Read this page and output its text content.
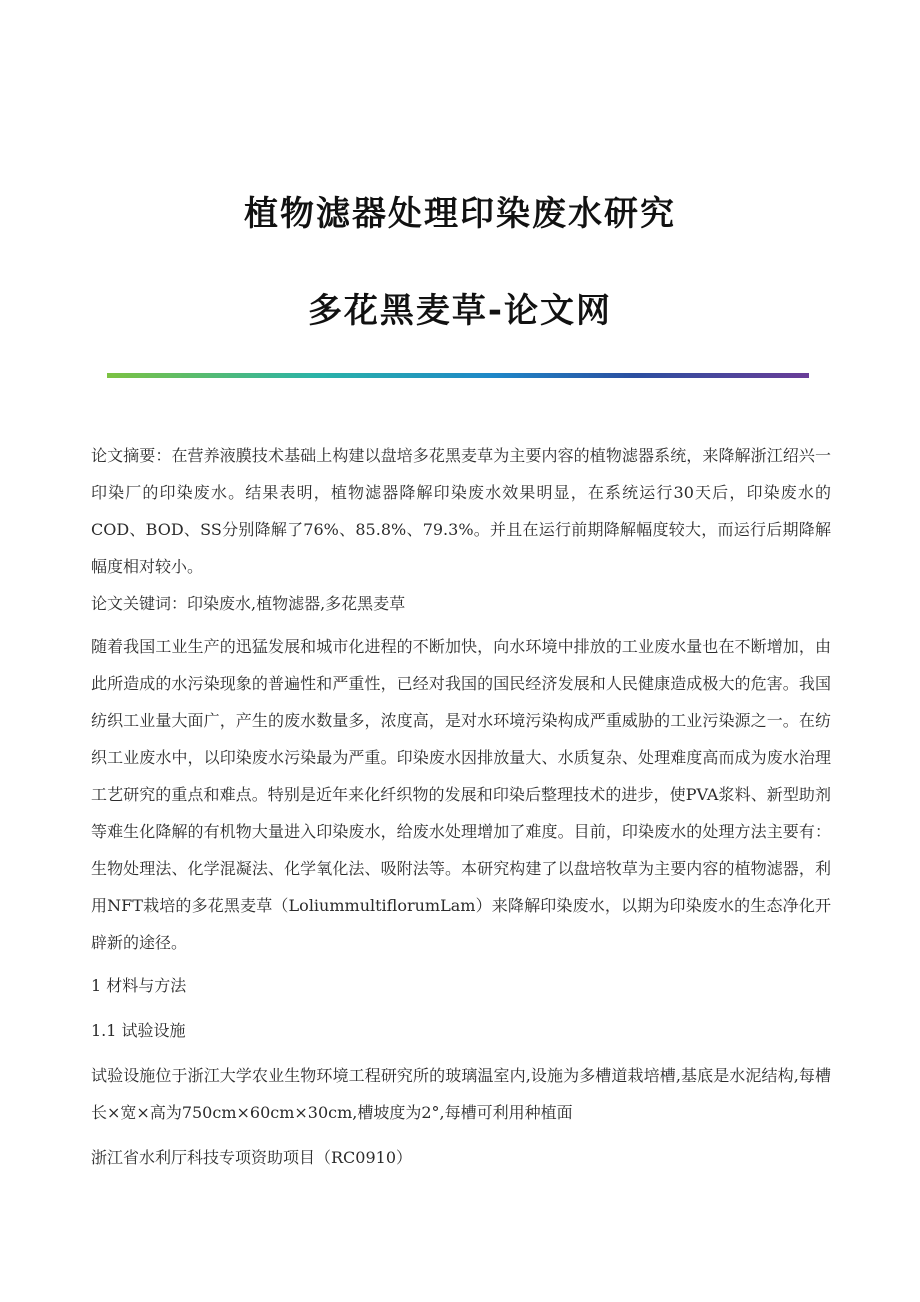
植物滤器处理印染废水研究
多花黑麦草-论文网

论文摘要：在营养液膜技术基础上构建以盘培多花黑麦草为主要内容的植物滤器系统，来降解浙江绍兴一印染厂的印染废水。结果表明，植物滤器降解印染废水效果明显，在系统运行30天后，印染废水的COD、BOD、SS分别降解了76%、85.8%、79.3%。并且在运行前期降解幅度较大，而运行后期降解幅度相对较小。

论文关键词：印染废水,植物滤器,多花黑麦草

随着我国工业生产的迅猛发展和城市化进程的不断加快，向水环境中排放的工业废水量也在不断增加，由此所造成的水污染现象的普遍性和严重性，已经对我国的国民经济发展和人民健康造成极大的危害。我国纺织工业量大面广，产生的废水数量多，浓度高，是对水环境污染构成严重威胁的工业污染源之一。在纺织工业废水中，以印染废水污染最为严重。印染废水因排放量大、水质复杂、处理难度高而成为废水治理工艺研究的重点和难点。特别是近年来化纤织物的发展和印染后整理技术的进步，使PVA浆料、新型助剂等难生化降解的有机物大量进入印染废水，给废水处理增加了难度。目前，印染废水的处理方法主要有：生物处理法、化学混凝法、化学氧化法、吸附法等。本研究构建了以盘培牧草为主要内容的植物滤器，利用NFT栽培的多花黑麦草（LoliummultiflorumLam）来降解印染废水，以期为印染废水的生态净化开辟新的途径。

1 材料与方法

1.1 试验设施

试验设施位于浙江大学农业生物环境工程研究所的玻璃温室内,设施为多槽道栽培槽,基底是水泥结构,每槽长×宽×高为750cm×60cm×30cm,槽坡度为2°,每槽可利用种植面

浙江省水利厅科技专项资助项目（RC0910）
